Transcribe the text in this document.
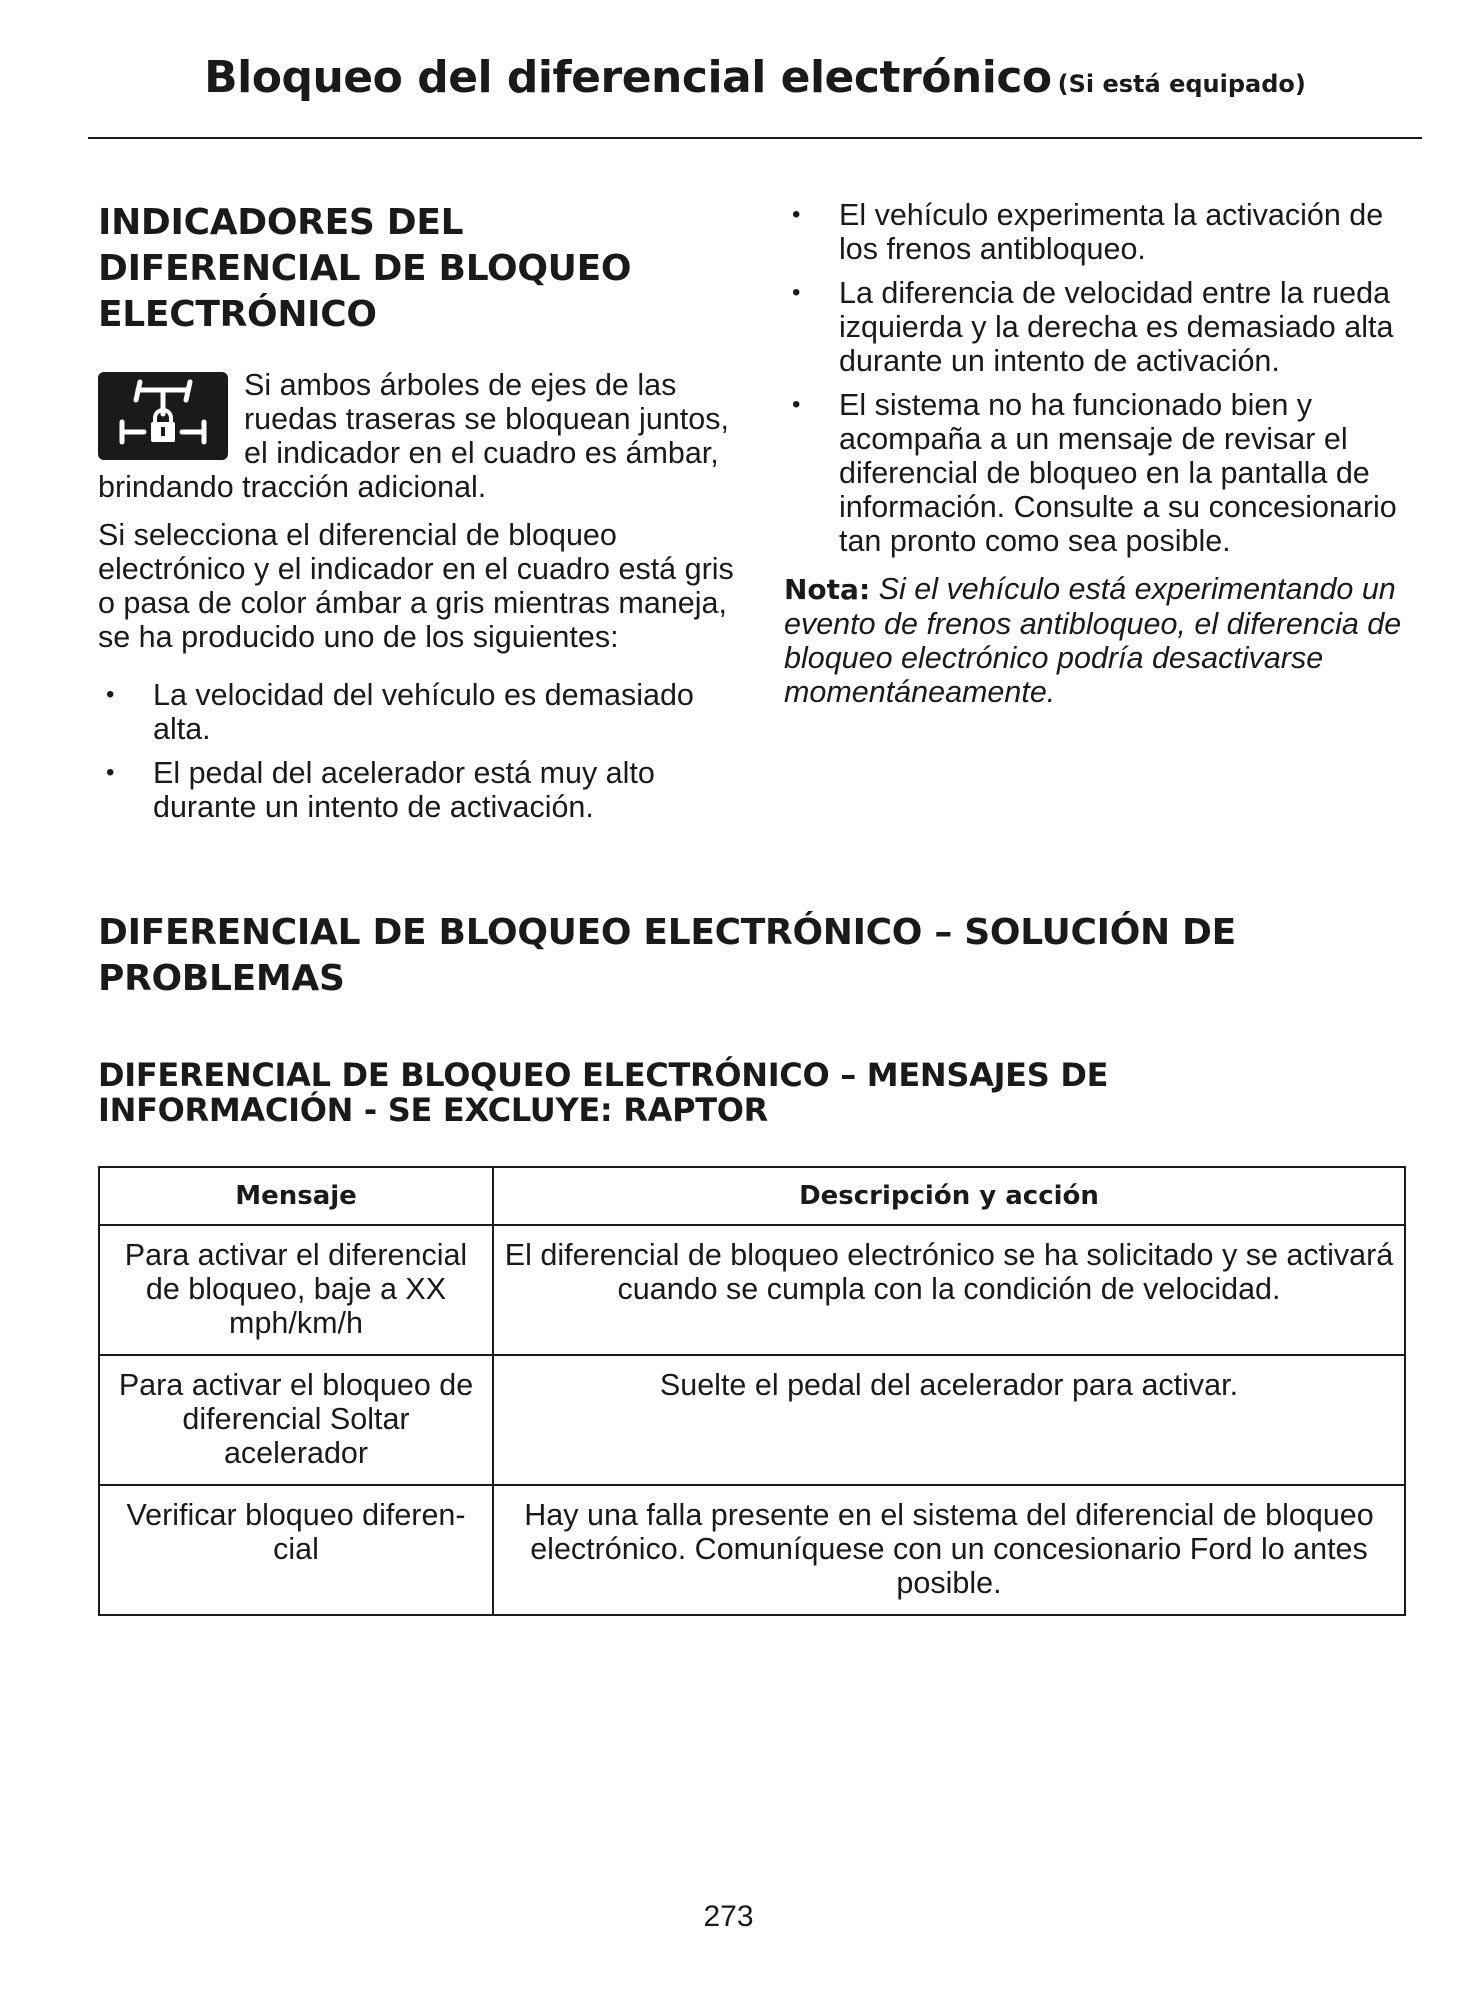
Bloqueo del diferencial electrónico (Si está equipado)
INDICADORES DEL
DIFERENCIAL DE BLOQUEO
ELECTRÓNICO

Si ambos árboles de ejes de las ruedas traseras se bloquean juntos, el indicador en el cuadro es ámbar, brindando tracción adicional.

Si selecciona el diferencial de bloqueo electrónico y el indicador en el cuadro está gris o pasa de color ámbar a gris mientras maneja, se ha producido uno de los siguientes:

• La velocidad del vehículo es demasiado alta.
• El pedal del acelerador está muy alto durante un intento de activación.
• El vehículo experimenta la activación de los frenos antibloqueo.
• La diferencia de velocidad entre la rueda izquierda y la derecha es demasiado alta durante un intento de activación.
• El sistema no ha funcionado bien y acompaña a un mensaje de revisar el diferencial de bloqueo en la pantalla de información. Consulte a su concesionario tan pronto como sea posible.

Nota: Si el vehículo está experimentando un evento de frenos antibloqueo, el diferencia de bloqueo electrónico podría desactivarse momentáneamente.

DIFERENCIAL DE BLOQUEO ELECTRÓNICO – SOLUCIÓN DE
PROBLEMAS
DIFERENCIAL DE BLOQUEO ELECTRÓNICO – MENSAJES DE
INFORMACIÓN - SE EXCLUYE: RAPTOR
Mensaje	Descripción y acción
Para activar el diferencial de bloqueo, baje a XX mph/km/h	El diferencial de bloqueo electrónico se ha solicitado y se activará cuando se cumpla con la condición de velocidad.
Para activar el bloqueo de diferencial Soltar acelerador	Suelte el pedal del acelerador para activar.
Verificar bloqueo diferen-cial	Hay una falla presente en el sistema del diferencial de bloqueo electrónico. Comuníquese con un concesionario Ford lo antes posible.
273
